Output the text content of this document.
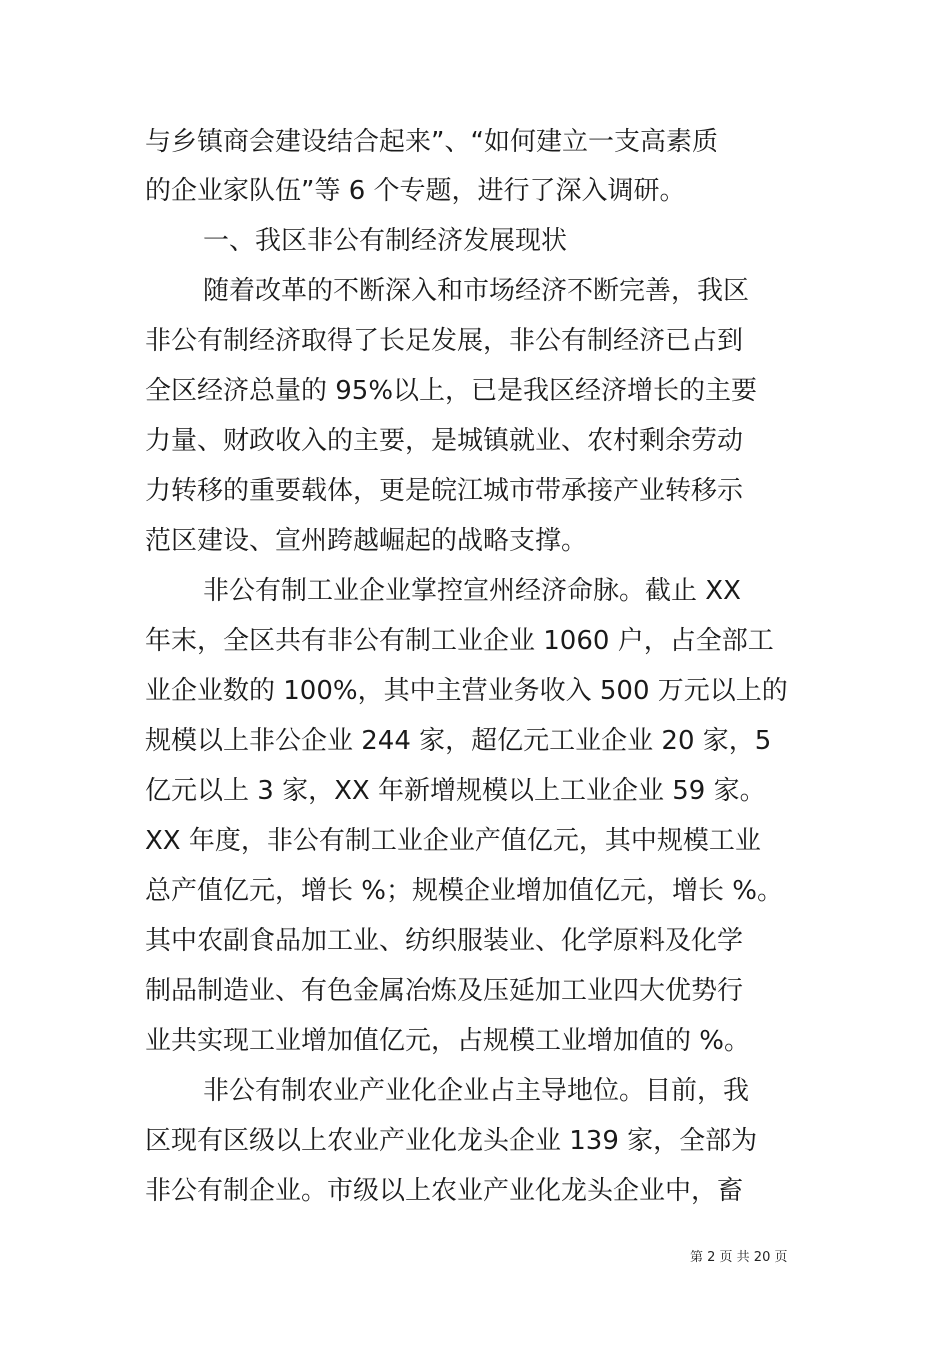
与乡镇商会建设结合起来”、“如何建立一支高素质
的企业家队伍”等 6 个专题，进行了深入调研。
一、我区非公有制经济发展现状
随着改革的不断深入和市场经济不断完善，我区
非公有制经济取得了长足发展，非公有制经济已占到
全区经济总量的 95%以上，已是我区经济增长的主要
力量、财政收入的主要，是城镇就业、农村剩余劳动
力转移的重要载体，更是皖江城市带承接产业转移示
范区建设、宣州跨越崛起的战略支撑。
非公有制工业企业掌控宣州经济命脉。截止 XX
年末，全区共有非公有制工业企业 1060 户，占全部工
业企业数的 100%，其中主营业务收入 500 万元以上的
规模以上非公企业 244 家，超亿元工业企业 20 家，5
亿元以上 3 家，XX 年新增规模以上工业企业 59 家。
XX 年度，非公有制工业企业产值亿元，其中规模工业
总产值亿元，增长 %；规模企业增加值亿元，增长 %。
其中农副食品加工业、纺织服装业、化学原料及化学
制品制造业、有色金属冶炼及压延加工业四大优势行
业共实现工业增加值亿元，占规模工业增加值的 %。
非公有制农业产业化企业占主导地位。目前，我
区现有区级以上农业产业化龙头企业 139 家，全部为
非公有制企业。市级以上农业产业化龙头企业中，畜
第 2 页 共 20 页
